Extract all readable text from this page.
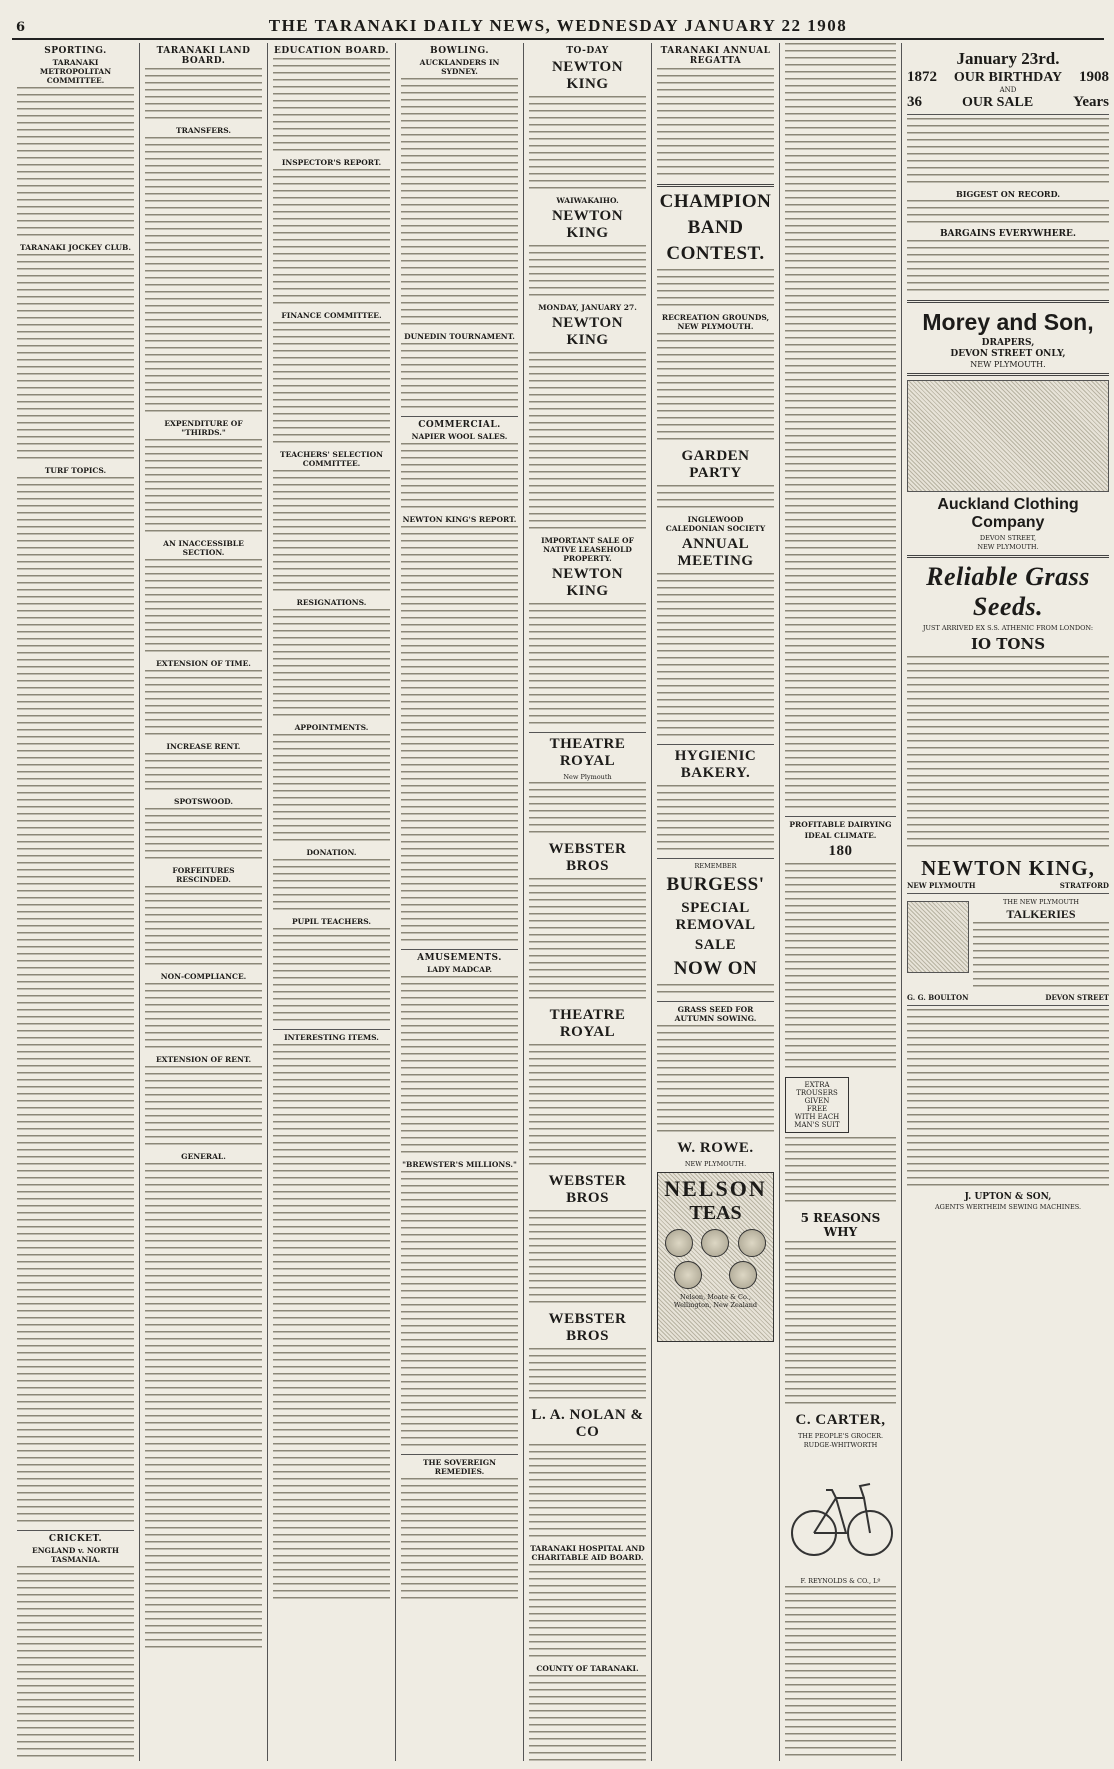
6	THE TARANAKI DAILY NEWS, WEDNESDAY JANUARY 22 1908
SPORTING.
TARANAKI METROPOLITAN COMMITTEE.
TARANAKI JOCKEY CLUB.
TURF TOPICS.
CRICKET.
ENGLAND v. NORTH TASMANIA.
TARANAKI LAND BOARD.
TRANSFERS.
EXPENDITURE OF "THIRDS."
AN INACCESSIBLE SECTION.
EXTENSION OF TIME.
INCREASE RENT.
SPOTSWOOD.
FORFEITURES RESCINDED.
NON-COMPLIANCE.
EXTENSION OF RENT.
GENERAL.
EDUCATION BOARD.
INSPECTOR'S REPORT.
FINANCE COMMITTEE.
TEACHERS' SELECTION COMMITTEE.
RESIGNATIONS.
APPOINTMENTS.
DONATION.
PUPIL TEACHERS.
INTERESTING ITEMS.
BOWLING.
AUCKLANDERS IN SYDNEY.
DUNEDIN TOURNAMENT.
COMMERCIAL.
NAPIER WOOL SALES.
NEWTON KING'S REPORT.
AMUSEMENTS.
LADY MADCAP.
"BREWSTER'S MILLIONS."
THE SOVEREIGN REMEDIES.
TO-DAY
NEWTON KING
WAIWAKAIHO.
NEWTON KING
MONDAY, JANUARY 27.
NEWTON KING
IMPORTANT SALE OF NATIVE LEASEHOLD PROPERTY.
NEWTON KING
THEATRE ROYAL
New Plymouth
WEBSTER BROS
THEATRE ROYAL
WEBSTER BROS
WEBSTER BROS
L. A. NOLAN & CO
TARANAKI HOSPITAL AND CHARITABLE AID BOARD.
COUNTY OF TARANAKI.
TARANAKI ANNUAL REGATTA
CHAMPION
BAND
CONTEST.
RECREATION GROUNDS, NEW PLYMOUTH.
GARDEN PARTY
INGLEWOOD CALEDONIAN SOCIETY
ANNUAL MEETING
HYGIENIC BAKERY.
REMEMBER
BURGESS'
SPECIAL REMOVAL
SALE
NOW ON
GRASS SEED FOR AUTUMN SOWING.
W. ROWE.
NEW PLYMOUTH.
NELSON
TEAS
Nelson, Moate & Co., Wellington, New Zealand
PROFITABLE DAIRYING
IDEAL CLIMATE.
180
EXTRA
TROUSERS
GIVEN
FREE
WITH EACH
MAN'S SUIT
5 REASONS WHY
C. CARTER,
THE PEOPLE'S GROCER.
RUDGE-WHITWORTH
F. REYNOLDS & CO., Lº
January 23rd.
1872 OUR BIRTHDAY 1908
AND
36	OUR SALE	Years
BIGGEST ON RECORD.
BARGAINS EVERYWHERE.
Morey and Son,
DRAPERS,
DEVON STREET ONLY,
NEW PLYMOUTH.
Auckland Clothing Company
DEVON STREET,
NEW PLYMOUTH.
Reliable Grass Seeds.
JUST ARRIVED EX S.S. ATHENIC FROM LONDON:
IO TONS
NEWTON KING,
NEW PLYMOUTH	STRATFORD
THE NEW PLYMOUTH
TALKERIES
G. G. BOULTON	DEVON STREET
J. UPTON & SON,
AGENTS WERTHEIM SEWING MACHINES.
